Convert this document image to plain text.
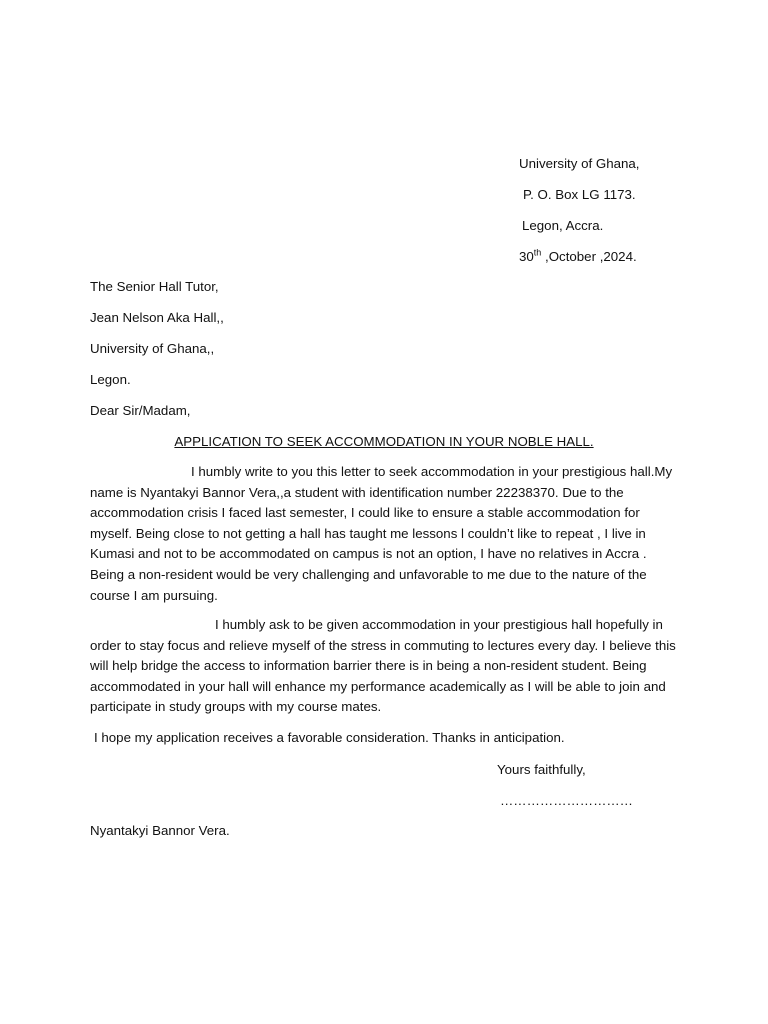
University of Ghana,
P. O. Box LG 1173.
Legon, Accra.
30th ,October ,2024.
The Senior Hall Tutor,
Jean Nelson Aka Hall,,
University of Ghana,,
Legon.
Dear Sir/Madam,
APPLICATION TO SEEK ACCOMMODATION IN YOUR NOBLE HALL.
I humbly write to you this letter to seek accommodation in your prestigious hall.My name is Nyantakyi Bannor Vera,,a student with identification number 22238370. Due to the accommodation crisis I faced last semester, I could like to ensure a stable accommodation for myself. Being close to not getting a hall has taught me lessons l couldn’t like to repeat , I live in Kumasi and not to be accommodated on campus is not an option, I have no relatives in Accra . Being a non-resident would be very challenging and unfavorable to me due to the nature of the course I am pursuing.
I humbly ask to be given accommodation in your prestigious hall hopefully in order to stay focus and relieve myself of the stress in commuting to lectures every day. I believe this will help bridge the access to information barrier there is in being a non-resident student. Being accommodated in your hall will enhance my performance academically as I will be able to join and participate in study groups with my course mates.
I hope my application receives a favorable consideration. Thanks in anticipation.
Yours faithfully,
…………………………
Nyantakyi Bannor Vera.
